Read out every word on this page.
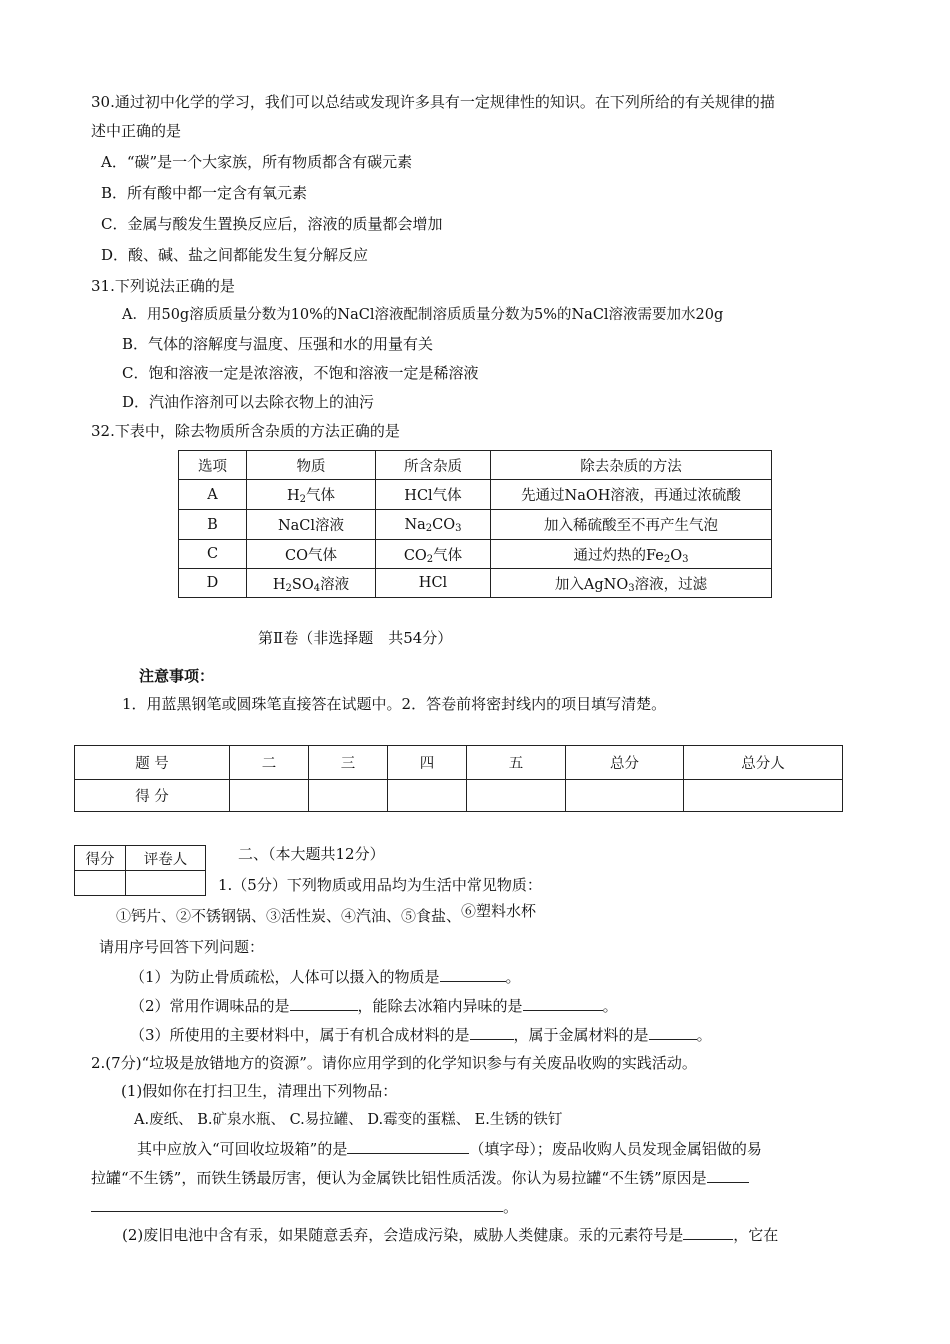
30.通过初中化学的学习，我们可以总结或发现许多具有一定规律性的知识。在下列所给的有关规律的描
述中正确的是
A．“碳”是一个大家族，所有物质都含有碳元素
B．所有酸中都一定含有氧元素
C．金属与酸发生置换反应后，溶液的质量都会增加
D．酸、碱、盐之间都能发生复分解反应
31.下列说法正确的是
A．用50g溶质质量分数为10%的NaCl溶液配制溶质质量分数为5%的NaCl溶液需要加水20g
B．气体的溶解度与温度、压强和水的用量有关
C．饱和溶液一定是浓溶液，不饱和溶液一定是稀溶液
D．汽油作溶剂可以去除衣物上的油污
32.下表中，除去物质所含杂质的方法正确的是
选项	物质	所含杂质	除去杂质的方法
A	$H_2$气体	HCl气体	先通过NaOH溶液，再通过浓硫酸
B	NaCl溶液	$Na_2CO_3$	加入稀硫酸至不再产生气泡
C	CO气体	$CO_2$气体	通过灼热的$Fe_2O_3$
D	$H_2SO_4$溶液	HCl	加入AgNO$_3$溶液，过滤
第Ⅱ卷（非选择题　共54分）
注意事项：
1．用蓝黑钢笔或圆珠笔直接答在试题中。2．答卷前将密封线内的项目填写清楚。
题 号	二	三	四	五	总分	总分人
得 分						
得分	评卷人
		二、（本大题共12分）
1.（5分）下列物质或用品均为生活中常见物质：
①钙片、②不锈钢锅、③活性炭、④汽油、⑤食盐、⑥塑料水杯
请用序号回答下列问题：
（1）为防止骨质疏松，人体可以摄入的物质是	。
（2）常用作调味品的是	，能除去冰箱内异味的是	。
（3）所使用的主要材料中，属于有机合成材料的是	，属于金属材料的是	。
2.(7分)“垃圾是放错地方的资源”。请你应用学到的化学知识参与有关废品收购的实践活动。
(1)假如你在打扫卫生，清理出下列物品：
A.废纸、 B.矿泉水瓶、 C.易拉罐、 D.霉变的蛋糕、 E.生锈的铁钉
其中应放入“可回收垃圾箱”的是	（填字母）；废品收购人员发现金属铝做的易
拉罐“不生锈”，而铁生锈最厉害，便认为金属铁比铝性质活泼。你认为易拉罐“不生锈”原因是
。
(2)废旧电池中含有汞，如果随意丢弃，会造成污染，威胁人类健康。汞的元素符号是	，它在
